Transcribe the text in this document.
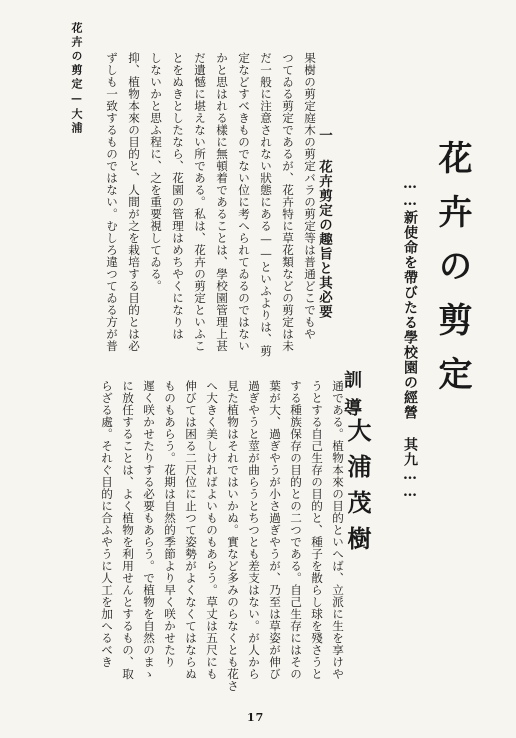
花卉の剪定—大浦	果樹の剪定庭木の剪定バラの剪定等は普通どこでもや
つてゐる剪定であるが、花卉特に草花類などの剪定は未
だ一般に注意されない狀態にある——といふよりは、剪
定などすべきものでない位に考へられてゐるのではない
かと思はれる樣に無頓着であることは、學校園管理上甚
だ遺憾に堪えない所である。私は、花卉の剪定といふこ
とをぬきとしたなら、花園の管理はめちやくになりは
しないかと思ふ程に、之を重要視してゐる。
抑、植物本來の目的と、人間が之を栽培する目的とは必
ずしも一致するものではない。むしろ違つてゐる方が普	一 花卉剪定の趣旨と其必要	花卉の剪定
……新使命を帶びたる學校園の經營 其九……
訓導
大浦茂樹
通である。植物本來の目的といへば、立派に生を享けや
うとする自己生存の目的と、種子を散らし球を殘さうと
する種族保存の目的との二つである。自己生存にはその
葉が大、過ぎやうが小さ過ぎやうが、乃至は草姿が伸び
過ぎやうと莖が曲らうとちつとも差支はない。が人から
見た植物はそれではいかぬ。實など多みのらなくとも花さ
へ大きく美しければよいものもあらう。草丈は五尺にも
伸びては困る二尺位に止つて姿勢がよくなくてはならぬ
ものもあらう。花期は自然的季節より早く咲かせたり
遲く咲かせたりする必要もあらう。で植物を自然のまゝ
に放任することは、よく植物を利用せんとするもの、取
らざる處。それぐ目的に合ふやうに人工を加へるべき
17
